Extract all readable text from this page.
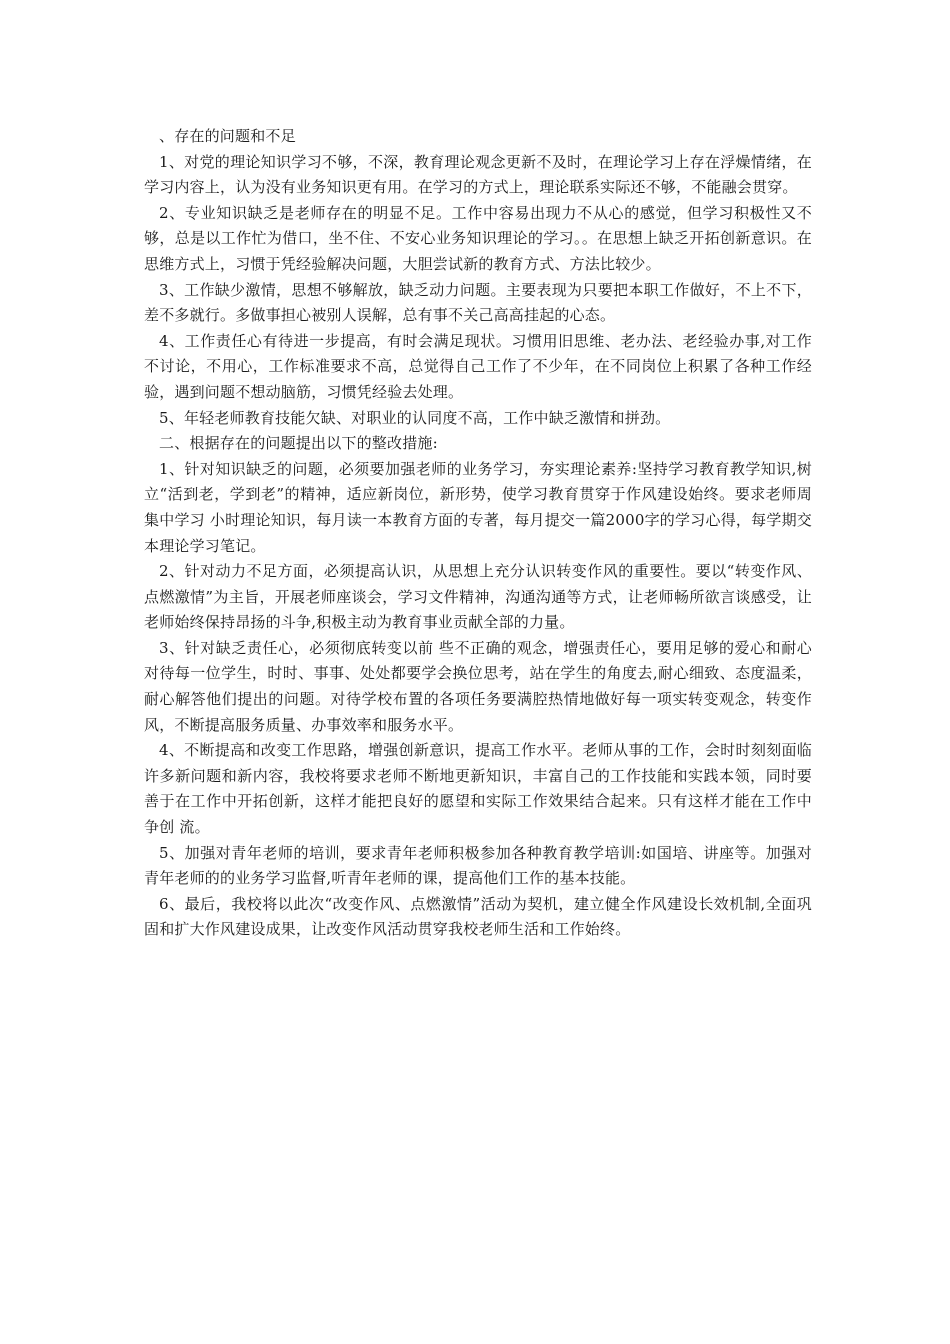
、存在的问题和不足

1、对党的理论知识学习不够，不深，教育理论观念更新不及时，在理论学习上存在浮燥情绪，在学习内容上，认为没有业务知识更有用。在学习的方式上，理论联系实际还不够，不能融会贯穿。

2、专业知识缺乏是老师存在的明显不足。工作中容易出现力不从心的感觉，但学习积极性又不够，总是以工作忙为借口，坐不住、不安心业务知识理论的学习。。在思想上缺乏开拓创新意识。在思维方式上，习惯于凭经验解决问题，大胆尝试新的教育方式、方法比较少。

3、工作缺少激情，思想不够解放，缺乏动力问题。主要表现为只要把本职工作做好，不上不下，差不多就行。多做事担心被别人误解，总有事不关己高高挂起的心态。

4、工作责任心有待进一步提高，有时会满足现状。习惯用旧思维、老办法、老经验办事,对工作不讨论，不用心，工作标准要求不高，总觉得自己工作了不少年，在不同岗位上积累了各种工作经验，遇到问题不想动脑筋，习惯凭经验去处理。

5、年轻老师教育技能欠缺、对职业的认同度不高，工作中缺乏激情和拼劲。

二、根据存在的问题提出以下的整改措施:

1、针对知识缺乏的问题，必须要加强老师的业务学习，夯实理论素养:坚持学习教育教学知识,树立“活到老，学到老”的精神，适应新岗位，新形势，使学习教育贯穿于作风建设始终。要求老师周集中学习 小时理论知识，每月读一本教育方面的专著，每月提交一篇2000字的学习心得，每学期交本理论学习笔记。

2、针对动力不足方面，必须提高认识，从思想上充分认识转变作风的重要性。要以“转变作风、点燃激情”为主旨，开展老师座谈会，学习文件精神，沟通沟通等方式，让老师畅所欲言谈感受，让老师始终保持昂扬的斗争,积极主动为教育事业贡献全部的力量。

3、针对缺乏责任心，必须彻底转变以前 些不正确的观念，增强责任心，要用足够的爱心和耐心对待每一位学生，时时、事事、处处都要学会换位思考，站在学生的角度去,耐心细致、态度温柔，耐心解答他们提出的问题。对待学校布置的各项任务要满腔热情地做好每一项实转变观念，转变作风，不断提高服务质量、办事效率和服务水平。

4、不断提高和改变工作思路，增强创新意识，提高工作水平。老师从事的工作，会时时刻刻面临许多新问题和新内容，我校将要求老师不断地更新知识，丰富自己的工作技能和实践本领，同时要善于在工作中开拓创新，这样才能把良好的愿望和实际工作效果结合起来。只有这样才能在工作中争创 流。

5、加强对青年老师的培训，要求青年老师积极参加各种教育教学培训:如国培、讲座等。加强对青年老师的的业务学习监督,听青年老师的课，提高他们工作的基本技能。

6、最后，我校将以此次“改变作风、点燃激情”活动为契机，建立健全作风建设长效机制,全面巩固和扩大作风建设成果，让改变作风活动贯穿我校老师生活和工作始终。
